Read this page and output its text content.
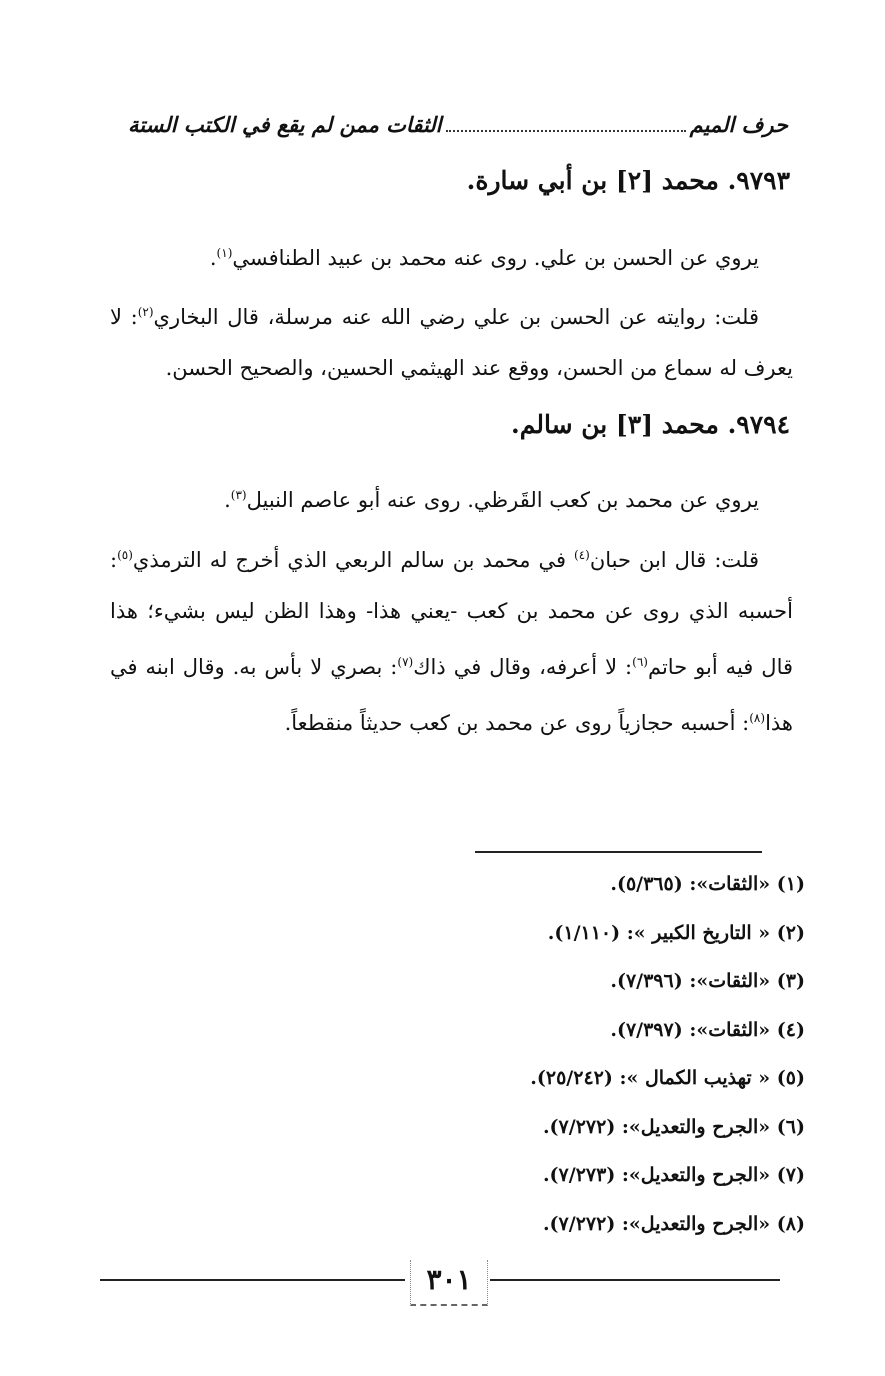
حرف الميم
الثقات ممن لم يقع في الكتب الستة
٩٧٩٣. محمد [٢] بن أبي سارة.

يروي عن الحسن بن علي. روى عنه محمد بن عبيد الطنافسي$^{(١)}$.

قلت: روايته عن الحسن بن علي رضي الله عنه مرسلة، قال البخاري$^{(٢)}$: لا يعرف له سماع من الحسن، ووقع عند الهيثمي الحسين، والصحيح الحسن.

٩٧٩٤. محمد [٣] بن سالم.

يروي عن محمد بن كعب القَرظي. روى عنه أبو عاصم النبيل$^{(٣)}$.

قلت: قال ابن حبان$^{(٤)}$ في محمد بن سالم الربعي الذي أخرج له الترمذي$^{(٥)}$: أحسبه الذي روى عن محمد بن كعب -يعني هذا- وهذا الظن ليس بشيء؛ هذا قال فيه أبو حاتم$^{(٦)}$: لا أعرفه، وقال في ذاك$^{(٧)}$: بصري لا بأس به. وقال ابنه في هذا$^{(٨)}$: أحسبه حجازياً روى عن محمد بن كعب حديثاً منقطعاً.

(١) «الثقات»: (٥/٣٦٥).
(٢) « التاريخ الكبير »: (١/١١٠).
(٣) «الثقات»: (٧/٣٩٦).
(٤) «الثقات»: (٧/٣٩٧).
(٥) « تهذيب الكمال »: (٢٥/٢٤٢).
(٦) «الجرح والتعديل»: (٧/٢٧٢).
(٧) «الجرح والتعديل»: (٧/٢٧٣).
(٨) «الجرح والتعديل»: (٧/٢٧٢).
٣٠١
